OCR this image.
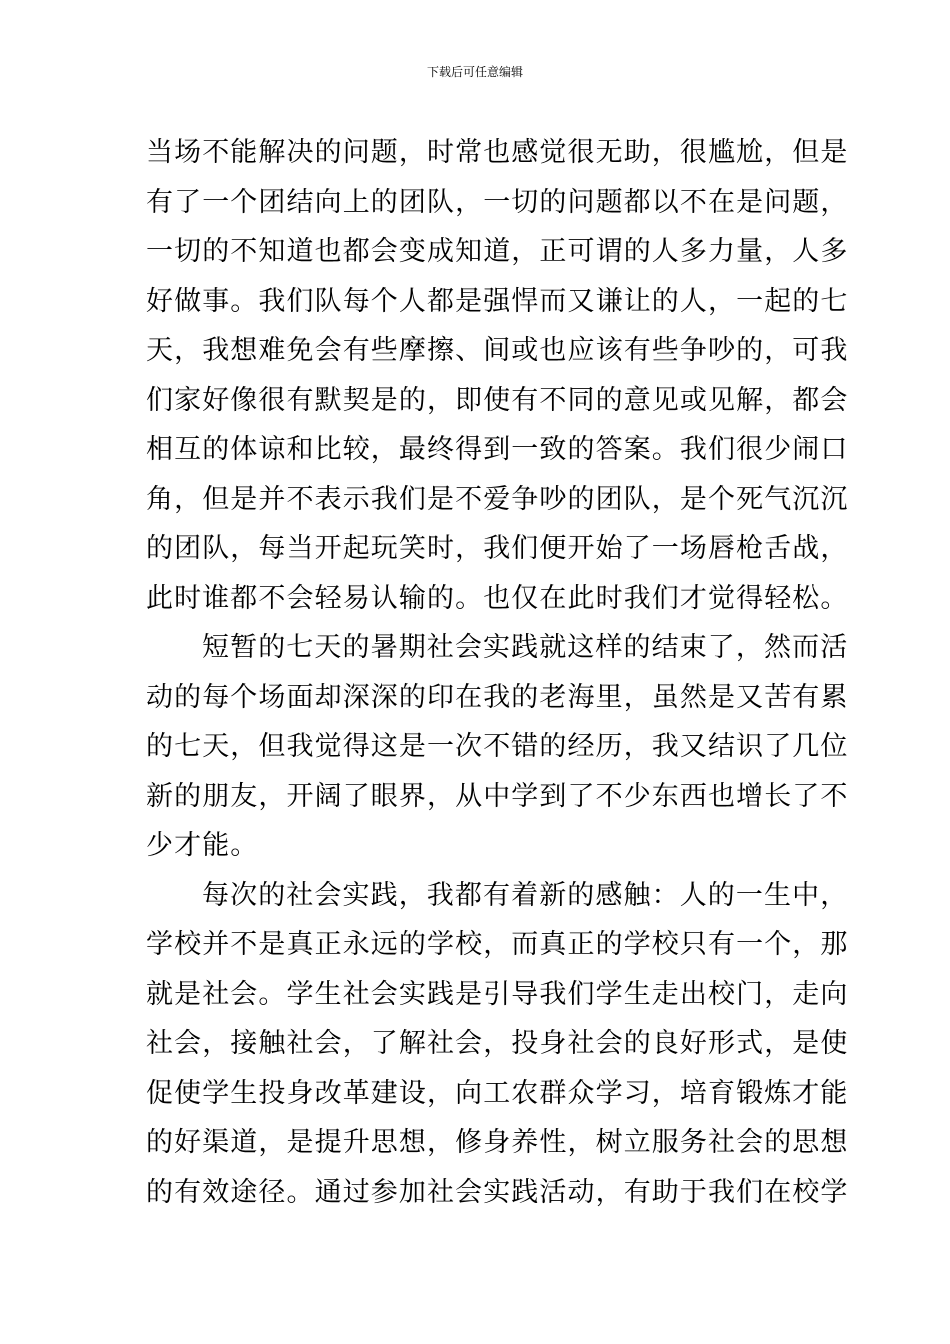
下载后可任意编辑
当场不能解决的问题，时常也感觉很无助，很尴尬，但是
有了一个团结向上的团队，一切的问题都以不在是问题，
一切的不知道也都会变成知道，正可谓的人多力量，人多
好做事。我们队每个人都是强悍而又谦让的人，一起的七
天，我想难免会有些摩擦、间或也应该有些争吵的，可我
们家好像很有默契是的，即使有不同的意见或见解，都会
相互的体谅和比较，最终得到一致的答案。我们很少闹口
角，但是并不表示我们是不爱争吵的团队，是个死气沉沉
的团队，每当开起玩笑时，我们便开始了一场唇枪舌战，
此时谁都不会轻易认输的。也仅在此时我们才觉得轻松。
短暂的七天的暑期社会实践就这样的结束了，然而活
动的每个场面却深深的印在我的老海里，虽然是又苦有累
的七天，但我觉得这是一次不错的经历，我又结识了几位
新的朋友，开阔了眼界，从中学到了不少东西也增长了不
少才能。
每次的社会实践，我都有着新的感触：人的一生中，
学校并不是真正永远的学校，而真正的学校只有一个，那
就是社会。学生社会实践是引导我们学生走出校门，走向
社会，接触社会，了解社会，投身社会的良好形式，是使
促使学生投身改革建设，向工农群众学习，培育锻炼才能
的好渠道，是提升思想，修身养性，树立服务社会的思想
的有效途径。通过参加社会实践活动，有助于我们在校学
